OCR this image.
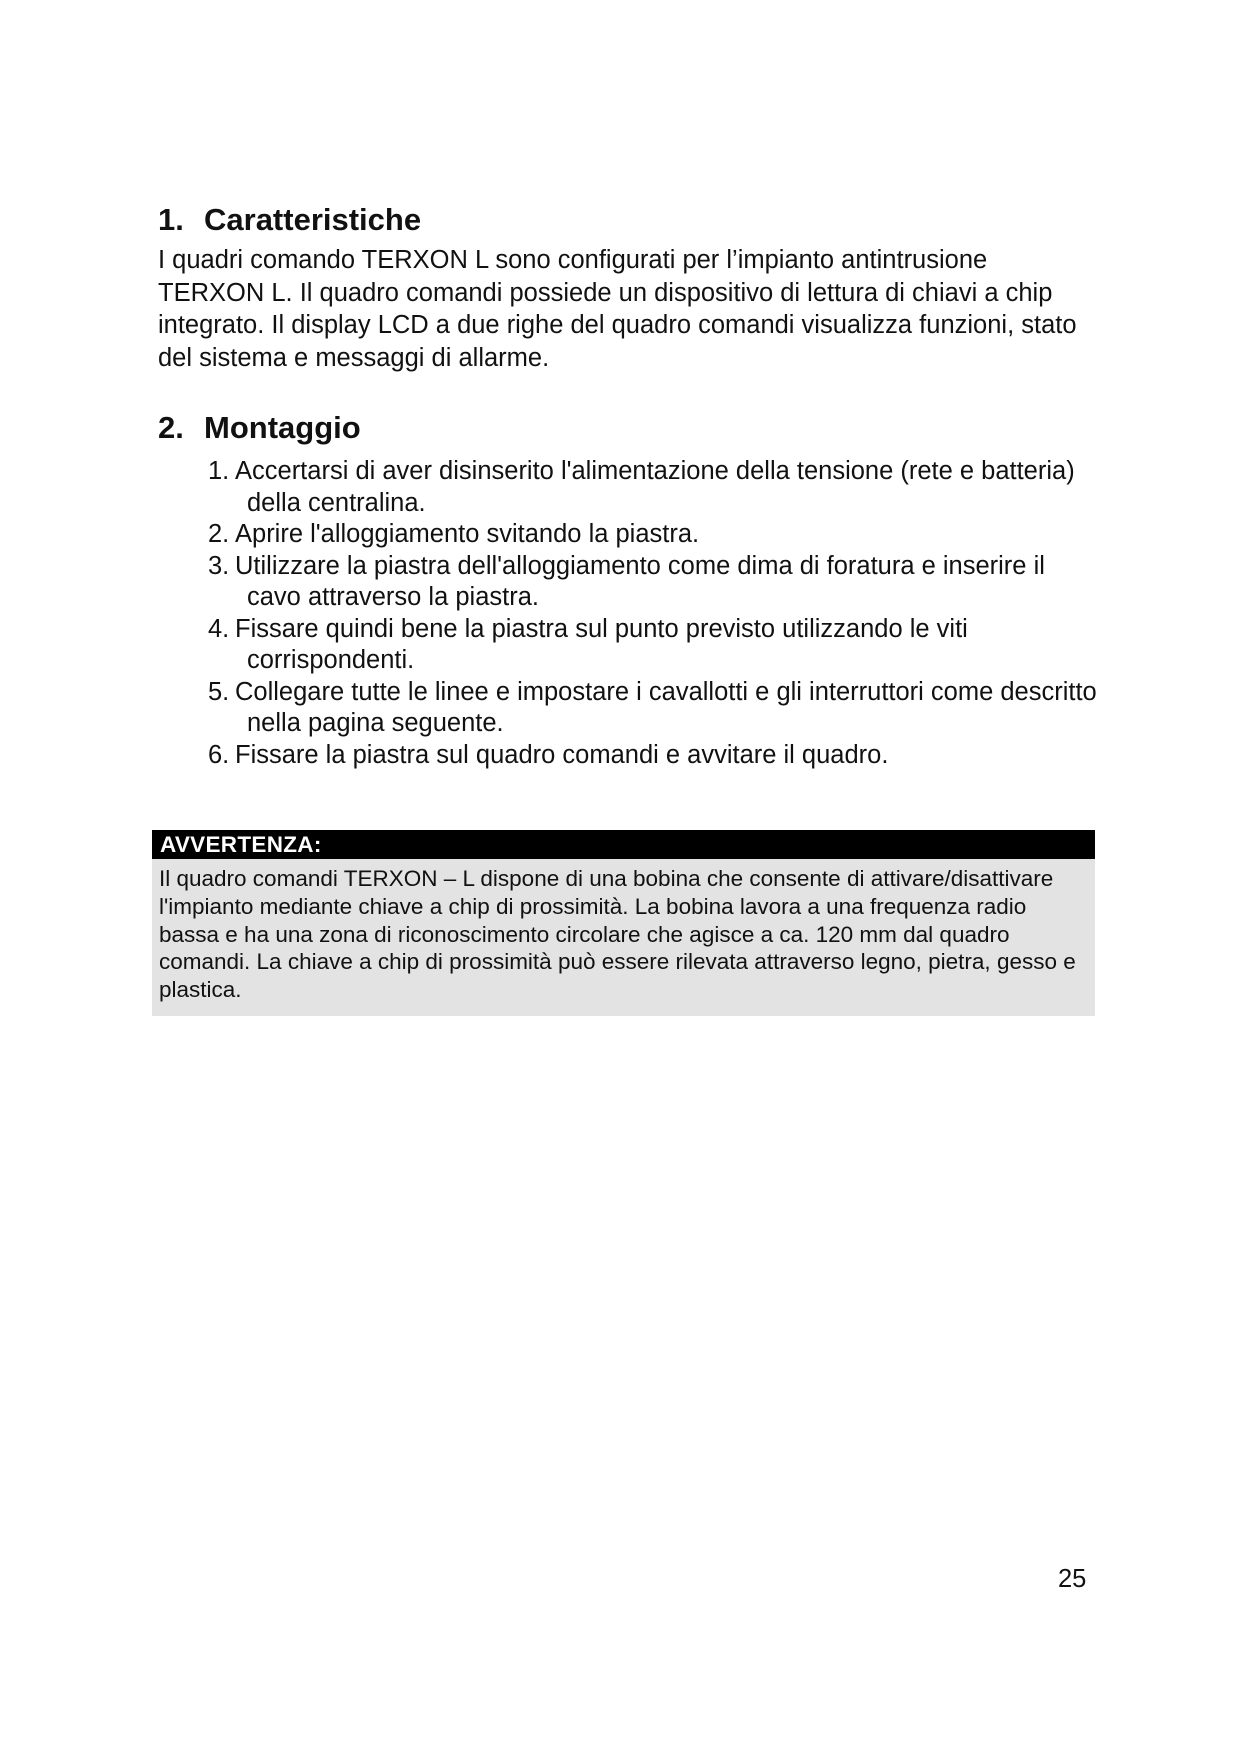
1. Caratteristiche

I quadri comando TERXON L sono configurati per l’impianto antintrusione TERXON L. Il quadro comandi possiede un dispositivo di lettura di chiavi a chip integrato. Il display LCD a due righe del quadro comandi visualizza funzioni, stato del sistema e messaggi di allarme.

2. Montaggio
1. Accertarsi di aver disinserito l'alimentazione della tensione (rete e batteria) della centralina.
2. Aprire l'alloggiamento svitando la piastra.
3. Utilizzare la piastra dell'alloggiamento come dima di foratura e inserire il cavo attraverso la piastra.
4. Fissare quindi bene la piastra sul punto previsto utilizzando le viti corrispondenti.
5. Collegare tutte le linee e impostare i cavallotti e gli interruttori come descritto nella pagina seguente.
6. Fissare la piastra sul quadro comandi e avvitare il quadro.
AVVERTENZA:
Il quadro comandi TERXON – L dispone di una bobina che consente di attivare/disattivare l'impianto mediante chiave a chip di prossimità. La bobina lavora a una frequenza radio bassa e ha una zona di riconoscimento circolare che agisce a ca. 120 mm dal quadro comandi. La chiave a chip di prossimità può essere rilevata attraverso legno, pietra, gesso e plastica.
25
